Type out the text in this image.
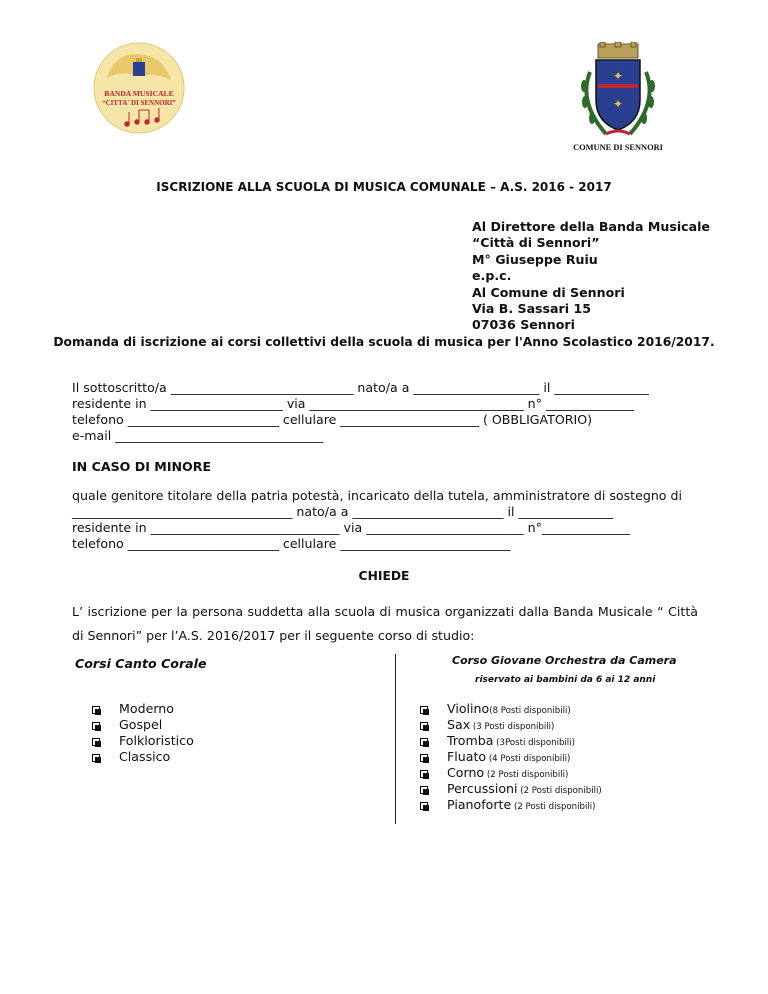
BANDA MUSICALE
“CITTA' DI SENNORI”
✦
✦
COMUNE DI SENNORI
ISCRIZIONE ALLA SCUOLA DI MUSICA COMUNALE – A.S. 2016 - 2017
Al Direttore della Banda Musicale
“Città di Sennori”
M° Giuseppe Ruiu
e.p.c.
Al Comune di Sennori
Via B. Sassari 15
07036 Sennori
Domanda di iscrizione ai corsi collettivi della scuola di musica per l'Anno Scolastico 2016/2017.
Il sottoscritto/a _____________________________ nato/a a ____________________ il _______________
residente in _____________________ via __________________________________ n° ______________
telefono ________________________ cellulare ______________________ ( OBBLIGATORIO)
e-mail _________________________________
IN CASO DI MINORE
quale genitore titolare della patria potestà, incaricato della tutela, amministratore di sostegno di
___________________________________ nato/a a ________________________ il _______________
residente in ______________________________ via _________________________ n°______________
telefono ________________________ cellulare ___________________________
CHIEDE
L’ iscrizione per la persona suddetta alla scuola di musica organizzati dalla Banda Musicale “ Città di Sennori” per l’A.S. 2016/2017 per il seguente corso di studio:
Corsi Canto Corale	Corso Giovane Orchestra da Camera
riservato ai bambini da 6 ai 12 anni
Moderno
Gospel
Folkloristico
Classico
Violino(8 Posti disponibili)
Sax (3 Posti disponibili)
Tromba (3Posti disponibili)
Fluato (4 Posti disponibili)
Corno (2 Posti disponibili)
Percussioni (2 Posti disponibili)
Pianoforte (2 Posti disponibili)
